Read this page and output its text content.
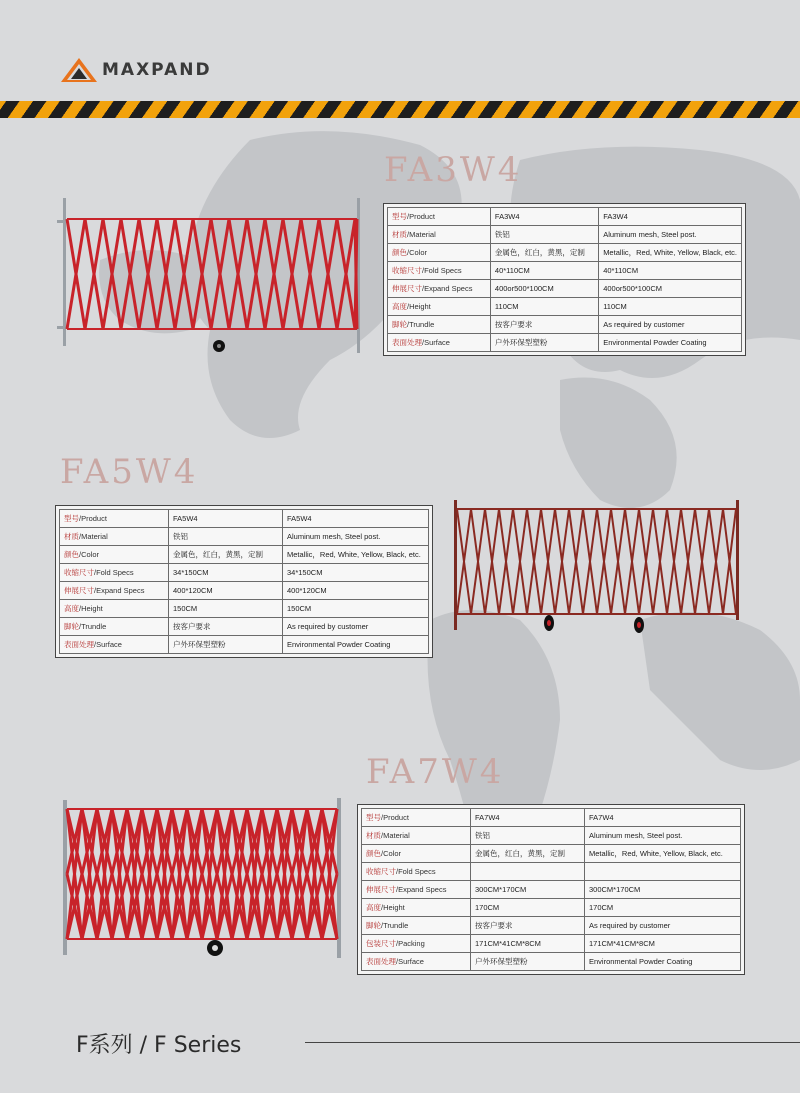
MAXPAND
FA3W4
型号/Product	FA3W4	FA3W4
材质/Material	铁铝	Aluminum mesh, Steel post.
颜色/Color	金属色，红白，黄黑，定制	Metallic，Red, White, Yellow, Black, etc.
收缩尺寸/Fold Specs	40*110CM	40*110CM
伸展尺寸/Expand Specs	400or500*100CM	400or500*100CM
高度/Height	110CM	110CM
脚轮/Trundle	按客户要求	As required by customer
表面处理/Surface	户外环保型塑粉	Environmental Powder Coating
FA5W4
型号/Product	FA5W4	FA5W4
材质/Material	铁铝	Aluminum mesh, Steel post.
颜色/Color	金属色，红白，黄黑，定制	Metallic，Red, White, Yellow, Black, etc.
收缩尺寸/Fold Specs	34*150CM	34*150CM
伸展尺寸/Expand Specs	400*120CM	400*120CM
高度/Height	150CM	150CM
脚轮/Trundle	按客户要求	As required by customer
表面处理/Surface	户外环保型塑粉	Environmental Powder Coating
FA7W4
型号/Product	FA7W4	FA7W4
材质/Material	铁铝	Aluminum mesh, Steel post.
颜色/Color	金属色，红白，黄黑，定制	Metallic，Red, White, Yellow, Black, etc.
收缩尺寸/Fold Specs		
伸展尺寸/Expand Specs	300CM*170CM	300CM*170CM
高度/Height	170CM	170CM
脚轮/Trundle	按客户要求	As required by customer
包装尺寸/Packing	171CM*41CM*8CM	171CM*41CM*8CM
表面处理/Surface	户外环保型塑粉	Environmental Powder Coating
F系列 / F Series
